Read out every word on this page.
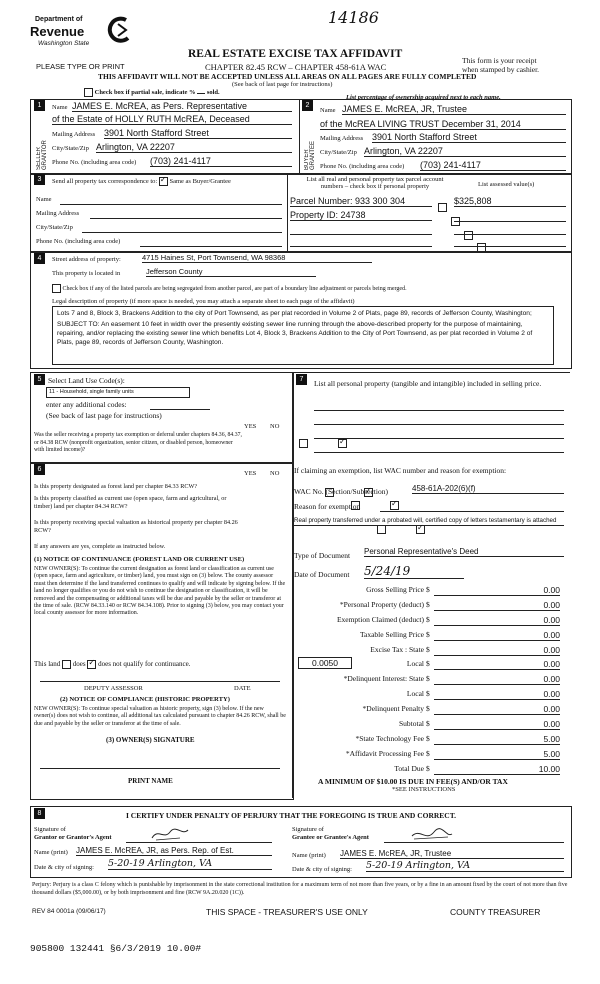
Department of
Revenue
Washington State
14186
PLEASE TYPE OR PRINT
REAL ESTATE EXCISE TAX AFFIDAVIT
CHAPTER 82.45 RCW – CHAPTER 458-61A WAC
THIS AFFIDAVIT WILL NOT BE ACCEPTED UNLESS ALL AREAS ON ALL PAGES ARE FULLY COMPLETED
(See back of last page for instructions)
This form is your receipt
when stamped by cashier.
Check box if partial sale, indicate % sold.
List percentage of ownership acquired next to each name.
1
SELLER GRANTOR
Name JAMES E. McREA, as Pers. Representative
of the Estate of HOLLY RUTH McREA, Deceased
Mailing Address 3901 North Stafford Street
City/State/Zip Arlington, VA 22207
Phone No. (including area code) (703) 241-4117
2
BUYER GRANTEE
Name JAMES E. McREA, JR, Trustee
of the McREA LIVING TRUST December 31, 2014
Mailing Address 3901 North Stafford Street
City/State/Zip Arlington, VA 22207
Phone No. (including area code) (703) 241-4117
3	Send all property tax correspondence to: ✓ Same as Buyer/Grantee
Name
Mailing Address
City/State/Zip
Phone No. (including area code)
List all real and personal property tax parcel account
numbers – check box if personal property	List assessed value(s)
Parcel Number: 933 300 304
	$325,808
Property ID: 24738

4	Street address of property:	4715 Haines St, Port Townsend, WA 98368
This property is located in	Jefferson County
Check box if any of the listed parcels are being segregated from another parcel, are part of a boundary line adjustment or parcels being merged.
Legal description of property (if more space is needed, you may attach a separate sheet to each page of the affidavit)
Lots 7 and 8, Block 3, Brackens Addition to the city of Port Townsend, as per plat recorded in Volume 2 of Plats, page 89, records of Jefferson County, Washington;
SUBJECT TO: An easement 10 feet in width over the presently existing sewer line running through the above-described property for the purpose of maintaining, repairing, and/or replacing the existing sewer line which benefits Lot 4, Block 3, Brackens Addition to the City of Port Townsend, as per plat recorded in Volume 2 of Plats, page 89, records of Jefferson County, Washington.
5 Select Land Use Code(s):
11 - Household, single family units
enter any additional codes:
(See back of last page for instructions)
YES NO
Was the seller receiving a property tax exemption or deferral under chapters 84.36, 84.37, or 84.38 RCW (nonprofit organization, senior citizen, or disabled person, homeowner with limited income)?
✓
7	List all personal property (tangible and intangible) included in selling price.
If claiming an exemption, list WAC number and reason for exemption:
WAC No. (Section/Subsection)	458-61A-202(6)(f)
Reason for exemption
Real property transferred under a probated will, certified copy of letters testamentary is attached
Type of Document Personal Representative's Deed
Date of Document 5/24/19
Gross Selling Price $	0.00
*Personal Property (deduct) $	0.00
Exemption Claimed (deduct) $	0.00
Taxable Selling Price $	0.00
Excise Tax : State $	0.00
0.0050	Local $	0.00
*Delinquent Interest: State $	0.00
Local $	0.00
*Delinquent Penalty $	0.00
Subtotal $	0.00
*State Technology Fee $	5.00
*Affidavit Processing Fee $	5.00
Total Due $	10.00
A MINIMUM OF $10.00 IS DUE IN FEE(S) AND/OR TAX
*SEE INSTRUCTIONS
6
YES NO
Is this property designated as forest land per chapter 84.33 RCW?
✓
Is this property classified as current use (open space, farm and agricultural, or timber) land per chapter 84.34 RCW?
✓
Is this property receiving special valuation as historical property per chapter 84.26 RCW?
✓
If any answers are yes, complete as instructed below.
(1) NOTICE OF CONTINUANCE (FOREST LAND OR CURRENT USE)
NEW OWNER(S): To continue the current designation as forest land or classification as current use (open space, farm and agriculture, or timber) land, you must sign on (3) below. The county assessor must then determine if the land transferred continues to qualify and will indicate by signing below. If the land no longer qualifies or you do not wish to continue the designation or classification, it will be removed and the compensating or additional taxes will be due and payable by the seller or transferor at the time of sale. (RCW 84.33.140 or RCW 84.34.108). Prior to signing (3) below, you may contact your local county assessor for more information.
This land does ✓ does not qualify for continuance.
DEPUTY ASSESSOR	DATE
(2) NOTICE OF COMPLIANCE (HISTORIC PROPERTY)
NEW OWNER(S): To continue special valuation as historic property, sign (3) below. If the new owner(s) does not wish to continue, all additional tax calculated pursuant to chapter 84.26 RCW, shall be due and payable by the seller or transferor at the time of sale.
(3) OWNER(S) SIGNATURE
PRINT NAME
8	I CERTIFY UNDER PENALTY OF PERJURY THAT THE FOREGOING IS TRUE AND CORRECT.
Signature of
Grantor or Grantor's Agent
Name (print) JAMES E. McREA, JR, as Pers. Rep. of Est.
Date & city of signing: 5-20-19 Arlington, VA
Signature of
Grantee or Grantee's Agent
Name (print) JAMES E. McREA, JR, Trustee
Date & city of signing: 5-20-19 Arlington, VA
Perjury: Perjury is a class C felony which is punishable by imprisonment in the state correctional institution for a maximum term of not more than five years, or by a fine in an amount fixed by the court of not more than five thousand dollars ($5,000.00), or by both imprisonment and fine (RCW 9A.20.020 (1C)).
REV 84 0001a (09/06/17)	THIS SPACE - TREASURER'S USE ONLY	COUNTY TREASURER
905800 132441 §6/3/2019 10.00#
